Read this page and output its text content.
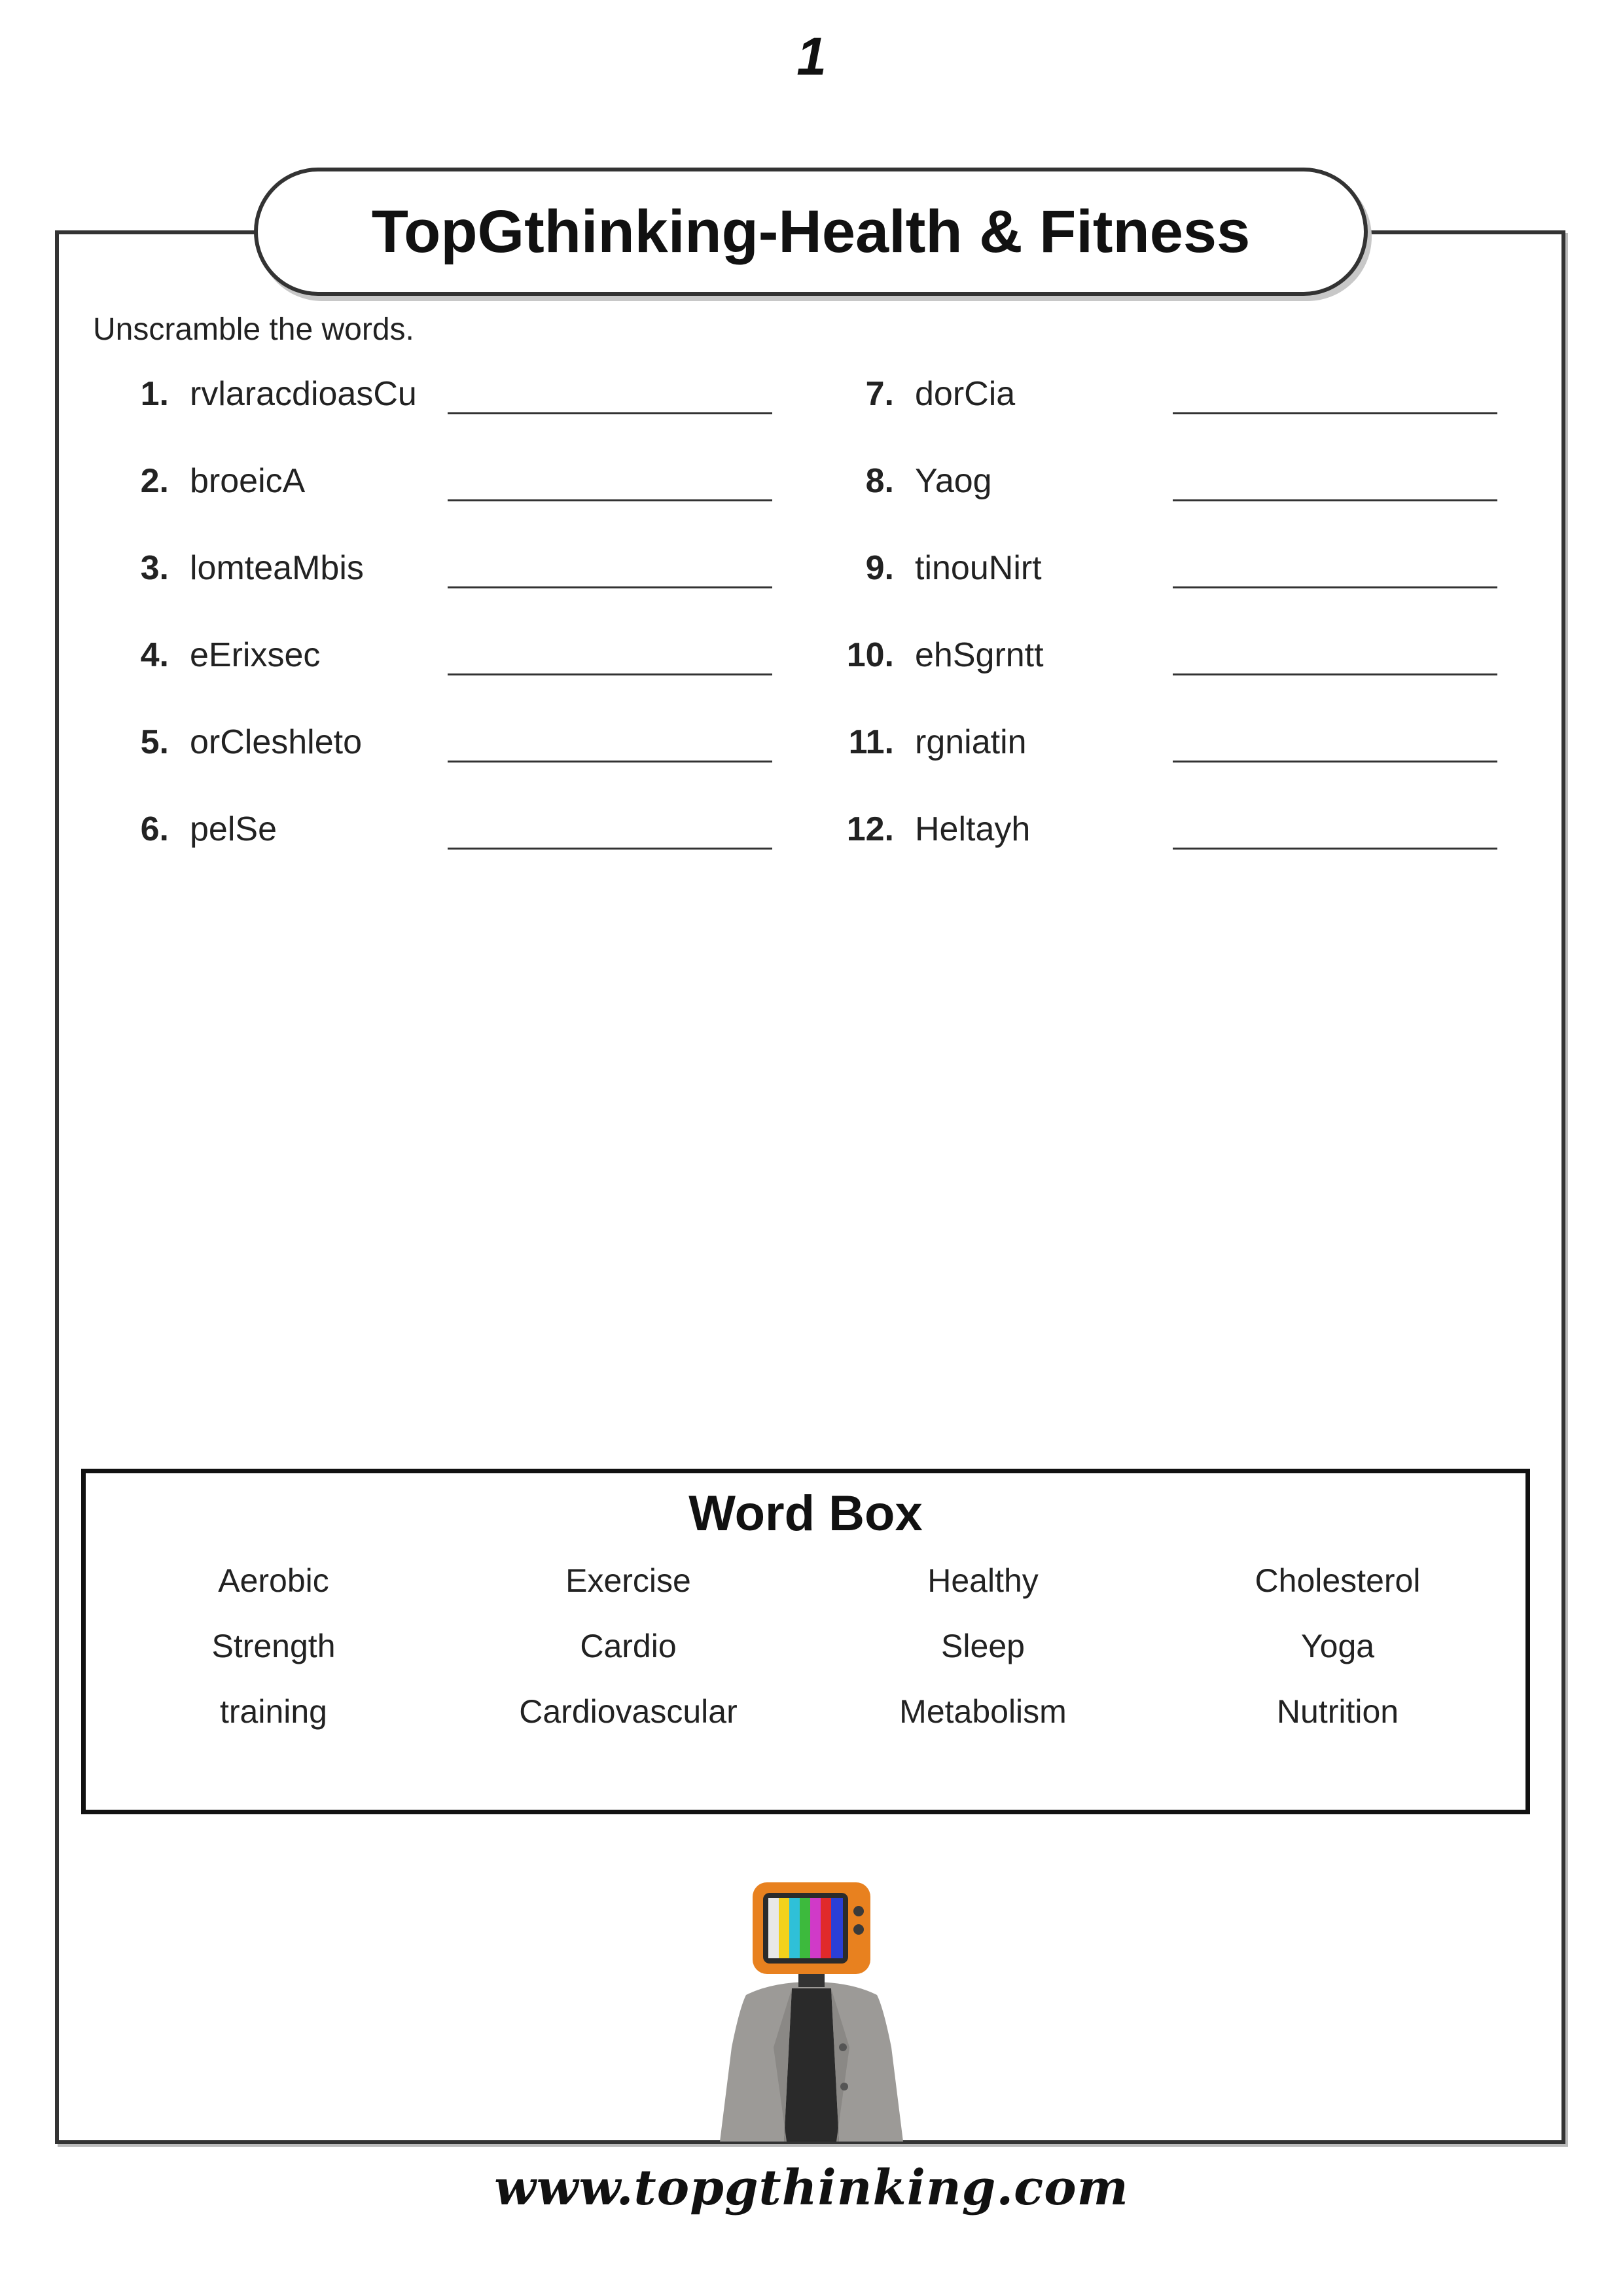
1
TopGthinking-Health & Fitness
Unscramble the words.
1. rvlaracdioasCu
2. broeicA
3. lomteaMbis
4. eErixsec
5. orCleshleto
6. pelSe
7. dorCia
8. Yaog
9. tinouNirt
10. ehSgrntt
11. rgniatin
12. Heltayh
Word Box
Aerobic	Exercise	Healthy	Cholesterol
Strength	Cardio	Sleep	Yoga
training	Cardiovascular	Metabolism	Nutrition
www.topgthinking.com
